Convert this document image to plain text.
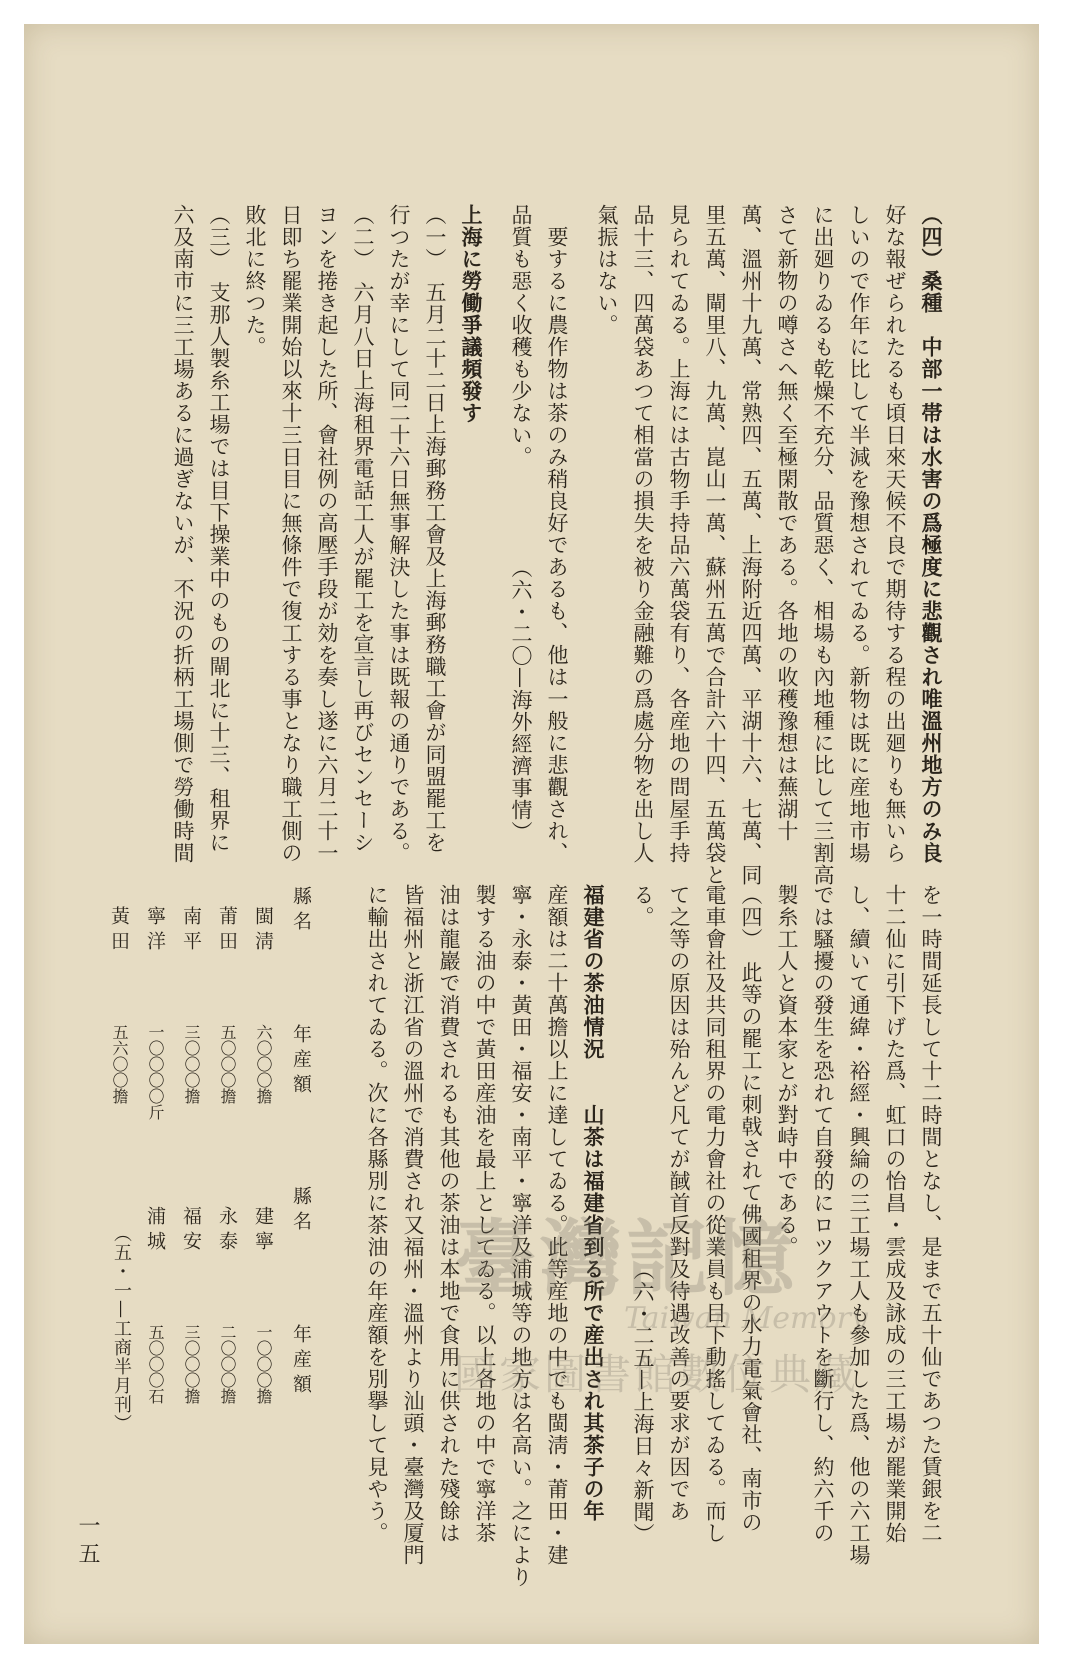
（四）桑種　中部一帯は水害の爲極度に悲觀され唯溫州地方のみ良
好な報ぜられたるも頃日來天候不良で期待する程の出廻りも無いら
しいので作年に比して半減を豫想されてゐる。新物は既に産地市場
に出廻りゐるも乾燥不充分、品質惡く、相場も內地種に比して三割高
さて新物の噂さへ無く至極閑散である。各地の收穫豫想は蕪湖十
萬、溫州十九萬、常熟四、五萬、上海附近四萬、平湖十六、七萬、同
里五萬、閘里八、九萬、崑山一萬、蘇州五萬で合計六十四、五萬袋と
見られてゐる。上海には古物手持品六萬袋有り、各産地の問屋手持
品十三、四萬袋あつて相當の損失を被り金融難の爲處分物を出し人
氣振はない。
　要するに農作物は茶のみ稍良好であるも、他は一般に悲觀され、
品質も惡く收穫も少ない。　　　　　（六・二〇—海外經濟事情）
上海に勞働爭議頻發す
（一）　五月二十二日上海郵務工會及上海郵務職工會が同盟罷工を
行つたが幸にして同二十六日無事解決した事は既報の通りである。
（二）　六月八日上海租界電話工人が罷工を宣言し再びセンセーシ
ヨンを捲き起した所、會社例の高壓手段が効を奏し遂に六月二十一
日即ち罷業開始以來十三日目に無條件で復工する事となり職工側の
敗北に終つた。
（三）　支那人製糸工場では目下操業中のもの閘北に十三、租界に
六及南市に三工場あるに過ぎないが、不況の折柄工場側で勞働時間
を一時間延長して十二時間となし、是まで五十仙であつた賃銀を二
十二仙に引下げた爲、虹口の怡昌・雲成及詠成の三工場が罷業開始
し、續いて通緯・裕經・興綸の三工場工人も參加した爲、他の六工場
では騷擾の發生を恐れて自發的にロツクアウトを斷行し、約六千の
製糸工人と資本家とが對峙中である。
（四）　此等の罷工に刺戟されて佛國租界の水力電氣會社、南市の
電車會社及共同租界の電力會社の從業員も目下動搖してゐる。而し
て之等の原因は殆んど凡てが馘首反對及待遇改善の要求が因であ
る。　　　　　　　　　　　　　　　　（六・二五—上海日々新聞）
福建省の茶油情況　　山茶は福建省到る所で産出され其茶子の年
産額は二十萬擔以上に達してゐる。此等産地の中でも閩淸・莆田・建
寧・永泰・黃田・福安・南平・寧洋及浦城等の地方は名高い。之により
製する油の中で黃田産油を最上としてゐる。以上各地の中で寧洋茶
油は龍巖で消費されるも其他の茶油は本地で食用に供された殘餘は
皆福州と浙江省の溫州で消費され又福州・溫州より汕頭・臺灣及厦門
に輸出されてゐる。次に各縣別に茶油の年産額を別擧して見やう。
縣名
年産額
縣名
年産額
閩淸
六〇〇〇擔
建寧
一〇〇〇擔
莆田
五〇〇〇擔
永泰
二〇〇〇擔
南平
三〇〇〇擔
福安
三〇〇〇擔
寧洋
一〇〇〇〇斤
浦城
五〇〇〇石
黃田
五六〇〇擔
（五・一—工商半月刊）
一五
臺灣記憶
Taiwan Memory
國家圖書館數位典藏
